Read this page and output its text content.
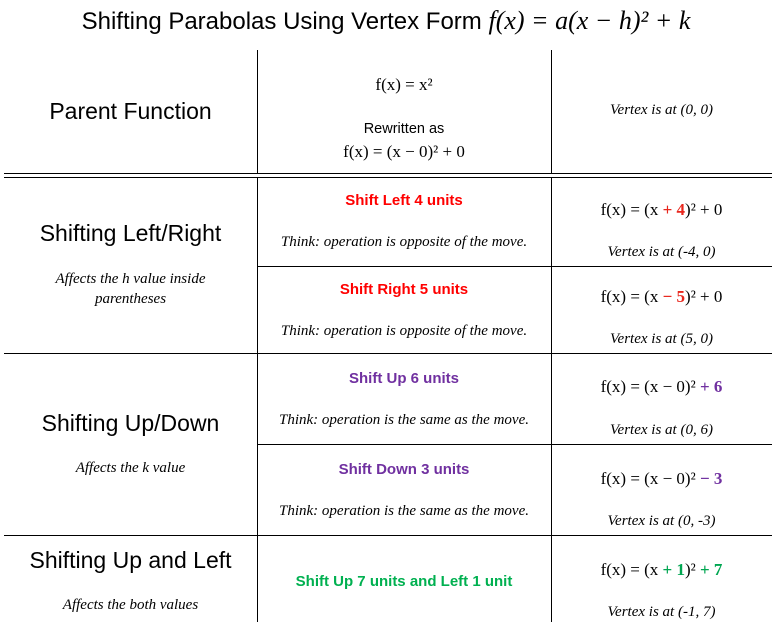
Shifting Parabolas Using Vertex Form f(x) = a(x − h)² + k
Parent Function
f(x) = x²
Rewritten as
f(x) = (x − 0)² + 0
Vertex is at (0, 0)
Shifting Left/Right
Affects the h value inside parentheses
Shift Left 4 units
Think: operation is opposite of the move.
f(x) = (x + 4)² + 0
Vertex is at (-4, 0)
Shift Right 5 units
Think: operation is opposite of the move.
f(x) = (x − 5)² + 0
Vertex is at (5, 0)
Shifting Up/Down
Affects the k value
Shift Up 6 units
Think: operation is the same as the move.
f(x) = (x − 0)² + 6
Vertex is at (0, 6)
Shift Down 3 units
Think: operation is the same as the move.
f(x) = (x − 0)² − 3
Vertex is at (0, -3)
Shifting Up and Left
Affects the both values
Shift Up 7 units and Left 1 unit
f(x) = (x + 1)² + 7
Vertex is at (-1, 7)
